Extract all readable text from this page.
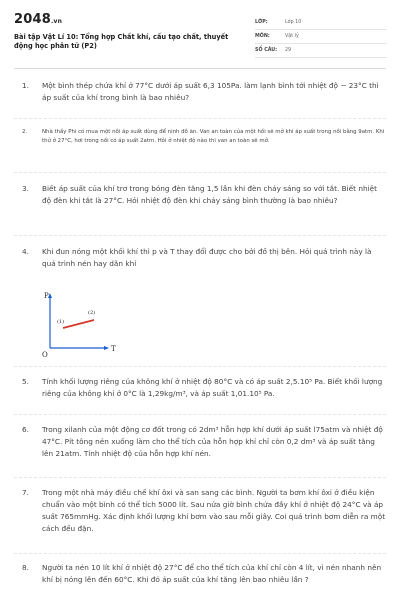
2048.vn
Bài tập Vật Lí 10: Tổng hợp Chất khí, cấu tạo chất, thuyết động học phân tử (P2)
LỚP:	Lớp 10
MÔN:	Vật lý
SỐ CÂU:	29
1. Một bình thép chứa khí ở 77°C dưới áp suất 6,3 105Pa. làm lạnh bình tới nhiệt độ − 23°C thì áp suất của khí trong bình là bao nhiêu?
2.	Nhà thầy Phi có mua một nồi áp suất dùng để ninh đồ ăn. Van an toàn của một hồi sẽ mở khi áp suất trong nồi bằng 9atm. Khi thử ở 27°C, hơi trong nồi có áp suất 2atm. Hỏi ở nhiệt độ nào thì van an toàn sẽ mở.
3. Biết áp suất của khí trơ trong bóng đèn tăng 1,5 lần khi đèn cháy sáng so với tắt. Biết nhiệt độ đèn khi tắt là 27°C. Hỏi nhiệt độ đèn khi cháy sáng bình thường là bao nhiêu?
4. Khi đun nóng một khối khí thì p và T thay đổi được cho bởi đồ thị bên. Hỏi quá trình này là quá trình nén hay dãn khí
P
T
O
(1)
(2)
5. Tính khối lượng riêng của không khí ở nhiệt độ 80°C và có áp suất 2,5.10⁵ Pa. Biết khối lượng riêng của không khí ở 0°C là 1,29kg/m³, và áp suất 1,01.10⁵ Pa.
6. Trong xilanh của một động cơ đốt trong có 2dm³ hỗn hợp khí dưới áp suất l75atm và nhiệt độ 47°C. Pít tông nén xuống làm cho thể tích của hỗn hợp khí chỉ còn 0,2 dm³ và áp suất tăng lên 21atm. Tính nhiệt độ của hỗn hợp khí nén.
7. Trong một nhà máy điều chế khí ôxi và san sang các bình. Người ta bơm khí ôxi ở điều kiện chuẩn vào một bình có thể tích 5000 lít. Sau nửa giờ bình chứa đầy khí ở nhiệt độ 24°C và áp suất 765mmHg. Xác định khối lượng khí bơm vào sau mỗi giây. Coi quá trình bơm diễn ra một cách đều đặn.
8. Người ta nén 10 lít khí ở nhiệt độ 27°C để cho thể tích của khí chỉ còn 4 lít, vì nén nhanh nên khí bị nóng lên đến 60°C. Khi đó áp suất của khí tăng lên bao nhiêu lần ?
